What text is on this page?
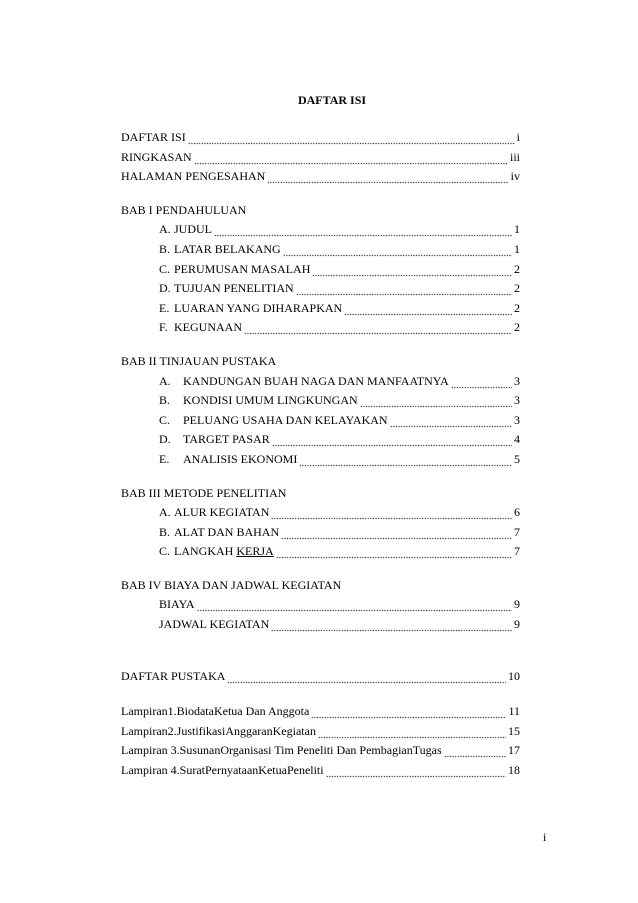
DAFTAR ISI
DAFTAR ISI	i
RINGKASAN	iii
HALAMAN PENGESAHAN	iv
BAB I PENDAHULUAN
A. JUDUL	1
B. LATAR BELAKANG	1
C. PERUMUSAN MASALAH	2
D. TUJUAN PENELITIAN	2
E. LUARAN YANG DIHARAPKAN	2
F. KEGUNAAN	2
BAB II TINJAUAN PUSTAKA
A.	KANDUNGAN BUAH NAGA DAN MANFAATNYA	3
B.	KONDISI UMUM LINGKUNGAN	3
C.	PELUANG USAHA DAN KELAYAKAN	3
D.	TARGET PASAR	4
E.	ANALISIS EKONOMI	5
BAB III METODE PENELITIAN
A. ALUR KEGIATAN	6
B. ALAT DAN BAHAN	7
C. LANGKAH KERJA	7
BAB IV BIAYA DAN JADWAL KEGIATAN
BIAYA	9
JADWAL KEGIATAN	9
DAFTAR PUSTAKA	10
Lampiran1.BiodataKetua Dan Anggota	11
Lampiran2.JustifikasiAnggaranKegiatan	15
Lampiran 3.SusunanOrganisasi Tim Peneliti Dan PembagianTugas	17
Lampiran 4.SuratPernyataanKetuaPeneliti	18
i
